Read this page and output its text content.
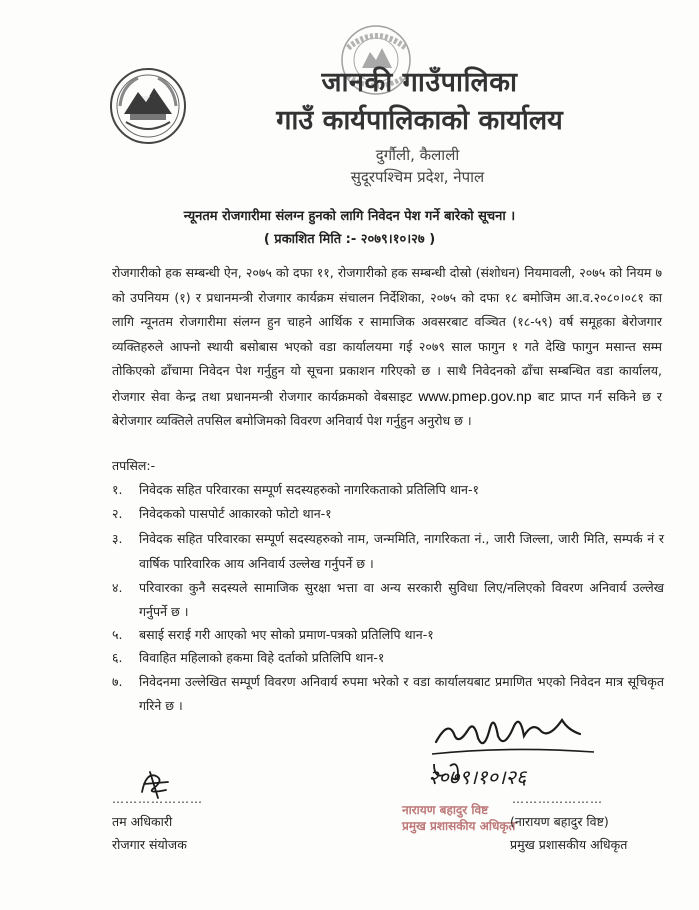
जानकी गाउँपालिका
गाउँ कार्यपालिकाको कार्यालय
दुर्गौली, कैलाली
सुदूरपश्चिम प्रदेश, नेपाल
न्यूनतम रोजगारीमा संलग्न हुनको लागि निवेदन पेश गर्ने बारेको सूचना ।
( प्रकाशित मिति :- २०७९।१०।२७ )
रोजगारीको हक सम्बन्धी ऐन, २०७५ को दफा ११, रोजगारीको हक सम्बन्धी दोस्रो (संशोधन) नियमावली, २०७५ को नियम ७ को उपनियम (१) र प्रधानमन्त्री रोजगार कार्यक्रम संचालन निर्देशिका, २०७५ को दफा १८ बमोजिम आ.व.२०८०।०८१ का लागि न्यूनतम रोजगारीमा संलग्न हुन चाहने आर्थिक र सामाजिक अवसरबाट वञ्चित (१८-५९) वर्ष समूहका बेरोजगार व्यक्तिहरुले आफ्नो स्थायी बसोबास भएको वडा कार्यालयमा गई २०७९ साल फागुन १ गते देखि फागुन मसान्त सम्म तोकिएको ढाँचामा निवेदन पेश गर्नुहुन यो सूचना प्रकाशन गरिएको छ । साथै निवेदनको ढाँचा सम्बन्धित वडा कार्यालय, रोजगार सेवा केन्द्र तथा प्रधानमन्त्री रोजगार कार्यक्रमको वेबसाइट www.pmep.gov.np बाट प्राप्त गर्न सकिने छ र बेरोजगार व्यक्तिले तपसिल बमोजिमको विवरण अनिवार्य पेश गर्नुहुन अनुरोध छ ।
तपसिल:-
१. निवेदक सहित परिवारका सम्पूर्ण सदस्यहरुको नागरिकताको प्रतिलिपि थान-१
२. निवेदकको पासपोर्ट आकारको फोटो थान-१
३. निवेदक सहित परिवारका सम्पूर्ण सदस्यहरुको नाम, जन्ममिति, नागरिकता नं., जारी जिल्ला, जारी मिति, सम्पर्क नं र वार्षिक पारिवारिक आय अनिवार्य उल्लेख गर्नुपर्ने छ ।
४. परिवारका कुनै सदस्यले सामाजिक सुरक्षा भत्ता वा अन्य सरकारी सुविधा लिए/नलिएको विवरण अनिवार्य उल्लेख गर्नुपर्ने छ ।
५. बसाई सराई गरी आएको भए सोको प्रमाण-पत्रको प्रतिलिपि थान-१
६. विवाहित महिलाको हकमा विहे दर्ताको प्रतिलिपि थान-१
७. निवेदनमा उल्लेखित सम्पूर्ण विवरण अनिवार्य रुपमा भरेको र वडा कार्यालयबाट प्रमाणित भएको निवेदन मात्र सूचिकृत गरिने छ ।
२०७९।१०।२६
…………………	…………………
नारायण बहादुर विष्ट
प्रमुख प्रशासकीय अधिकृत
तम अधिकारी
रोजगार संयोजक
(नारायण बहादुर विष्ट)
प्रमुख प्रशासकीय अधिकृत
